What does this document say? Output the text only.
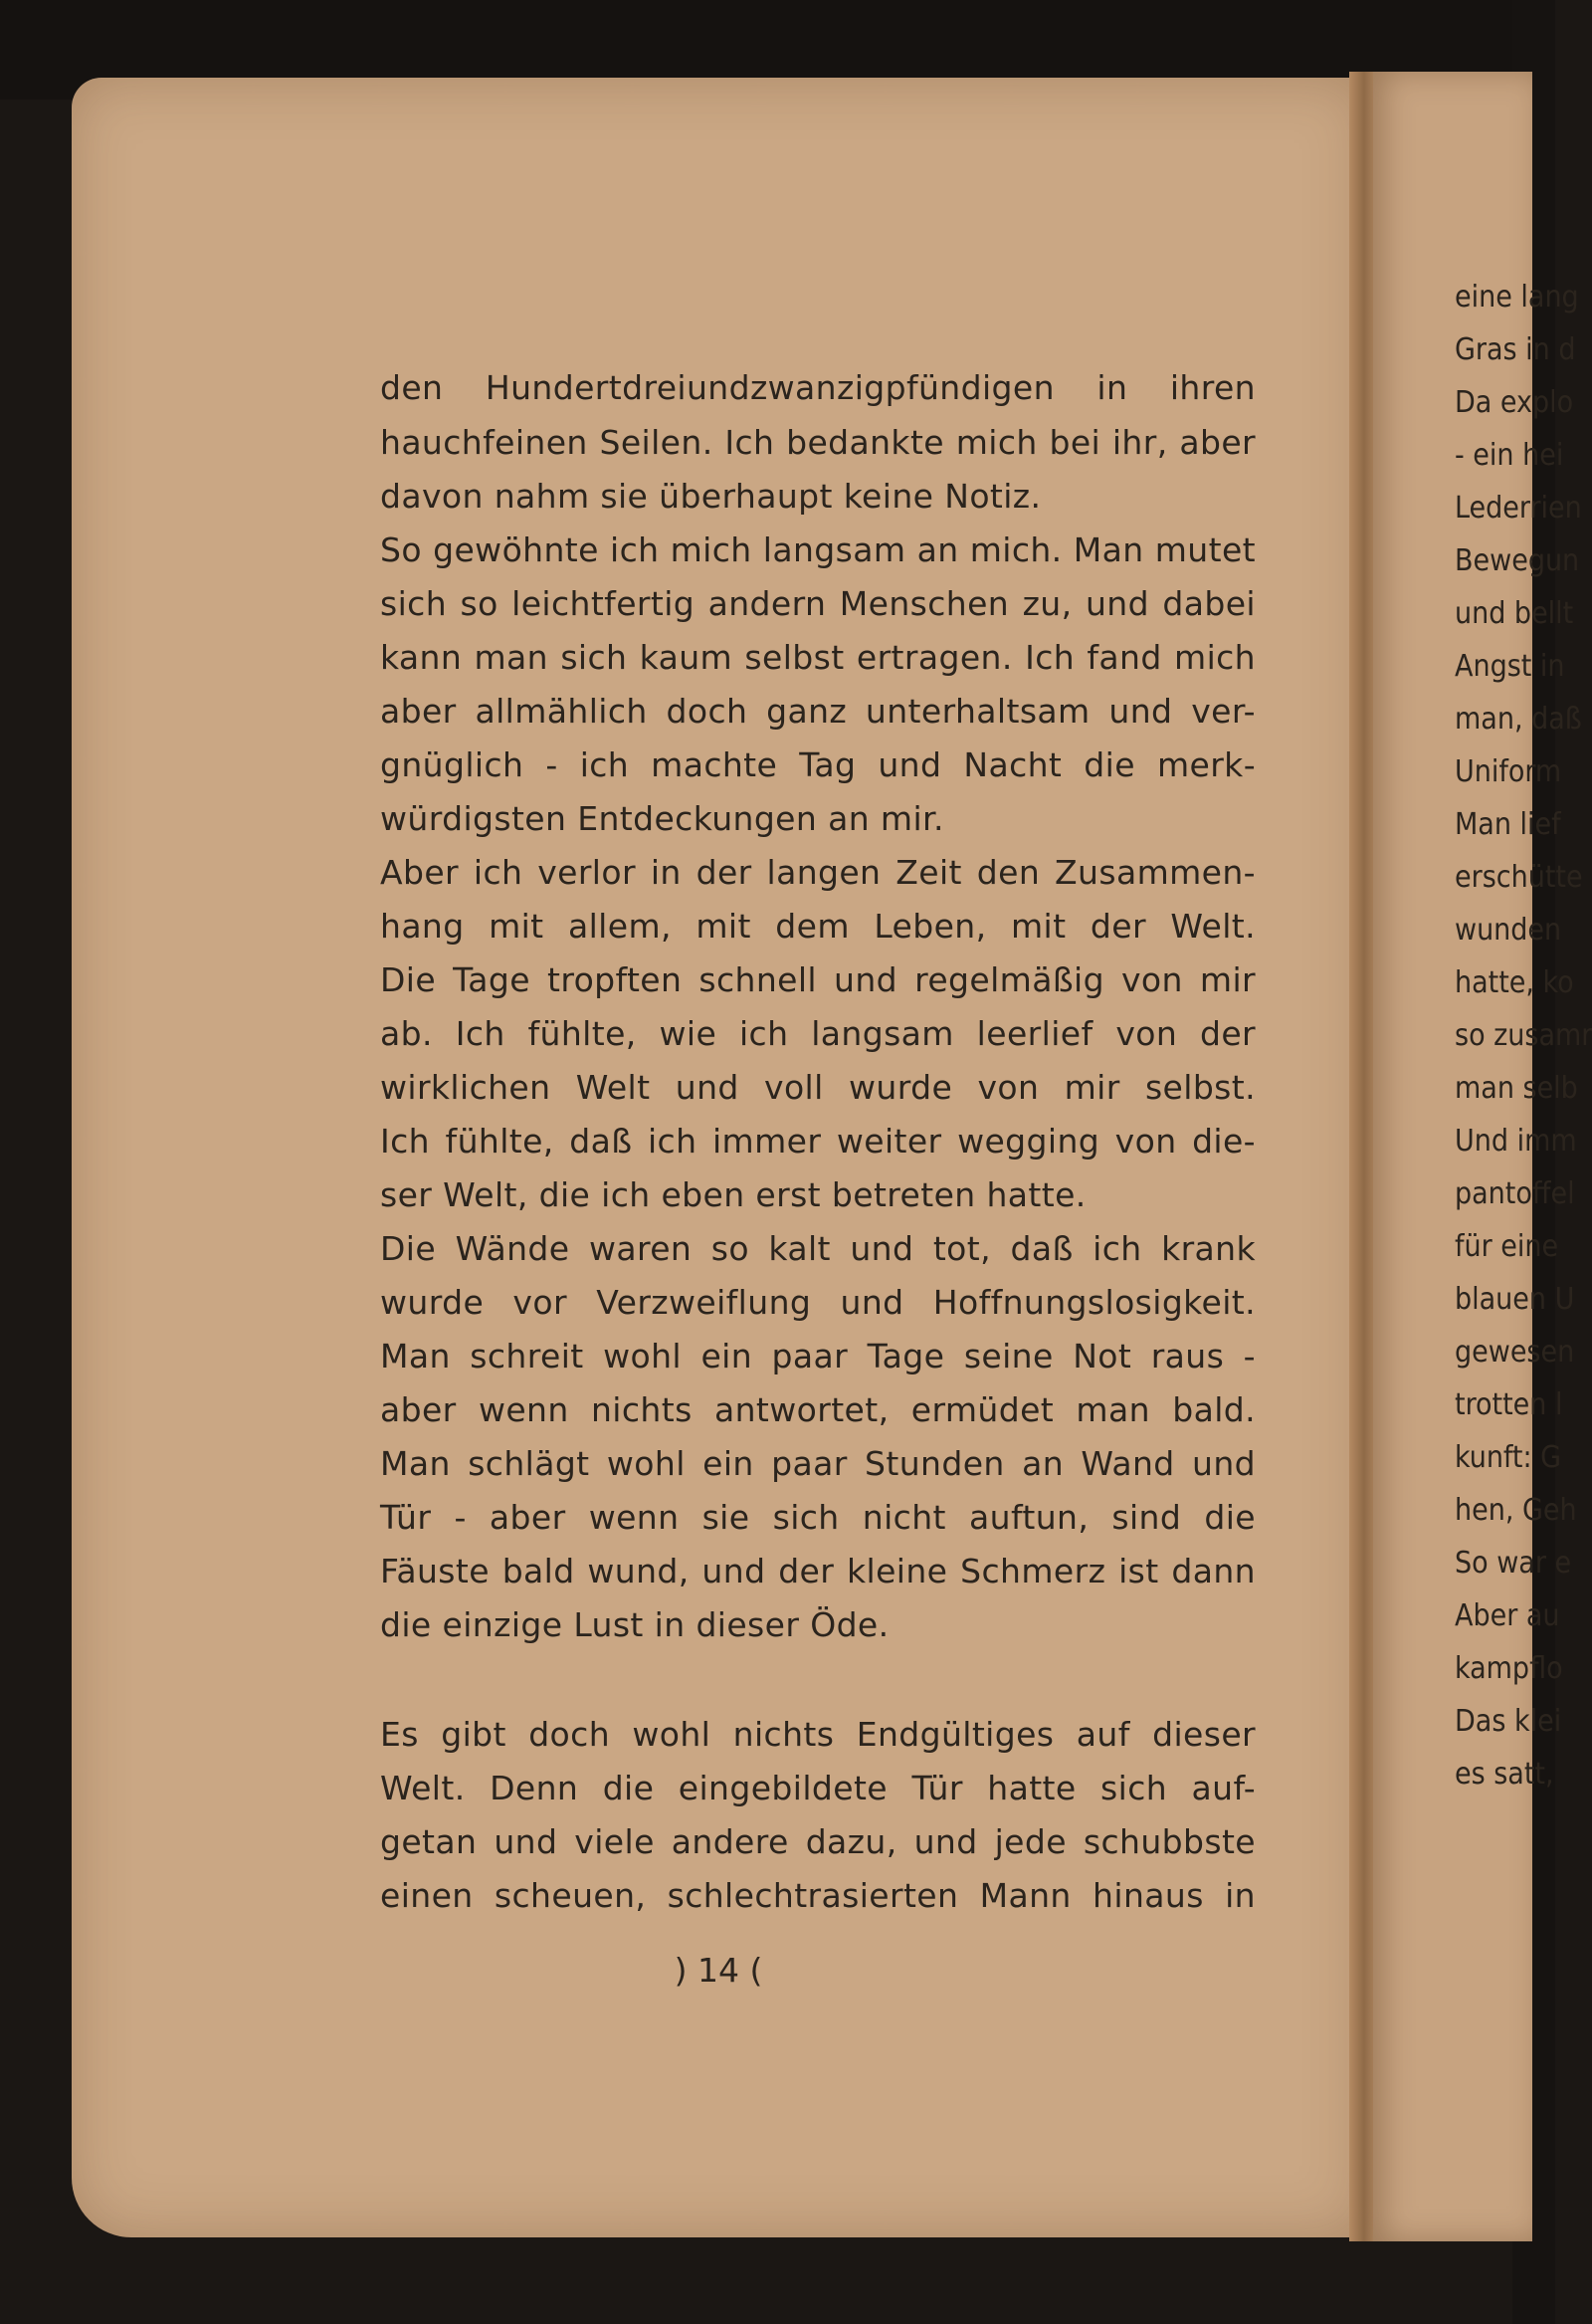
den Hundertdreiundzwanzigpfündigen in ihren
hauchfeinen Seilen. Ich bedankte mich bei ihr, aber
davon nahm sie überhaupt keine Notiz.
So gewöhnte ich mich langsam an mich. Man mutet
sich so leichtfertig andern Menschen zu, und dabei
kann man sich kaum selbst ertragen. Ich fand mich
aber allmählich doch ganz unterhaltsam und ver-
gnüglich - ich machte Tag und Nacht die merk-
würdigsten Entdeckungen an mir.
Aber ich verlor in der langen Zeit den Zusammen-
hang mit allem, mit dem Leben, mit der Welt.
Die Tage tropften schnell und regelmäßig von mir
ab. Ich fühlte, wie ich langsam leerlief von der
wirklichen Welt und voll wurde von mir selbst.
Ich fühlte, daß ich immer weiter wegging von die-
ser Welt, die ich eben erst betreten hatte.
Die Wände waren so kalt und tot, daß ich krank
wurde vor Verzweiflung und Hoffnungslosigkeit.
Man schreit wohl ein paar Tage seine Not raus -
aber wenn nichts antwortet, ermüdet man bald.
Man schlägt wohl ein paar Stunden an Wand und
Tür - aber wenn sie sich nicht auftun, sind die
Fäuste bald wund, und der kleine Schmerz ist dann
die einzige Lust in dieser Öde.
Es gibt doch wohl nichts Endgültiges auf dieser
Welt. Denn die eingebildete Tür hatte sich auf-
getan und viele andere dazu, und jede schubbste
einen scheuen, schlechtrasierten Mann hinaus in
) 14 (
eine lang
Gras in d
Da explo
- ein hei
Lederrien
Bewegun
und bellt
Angst in
man, daß
Uniform
Man lief
erschütte
wunden
hatte, ko
so zusamr
man selb
Und imm
pantoffel
für eine
blauen U
gewesen
trotten l
kunft: G
hen, Geh
So war e
Aber au
kampflo
Das klei
es satt,
